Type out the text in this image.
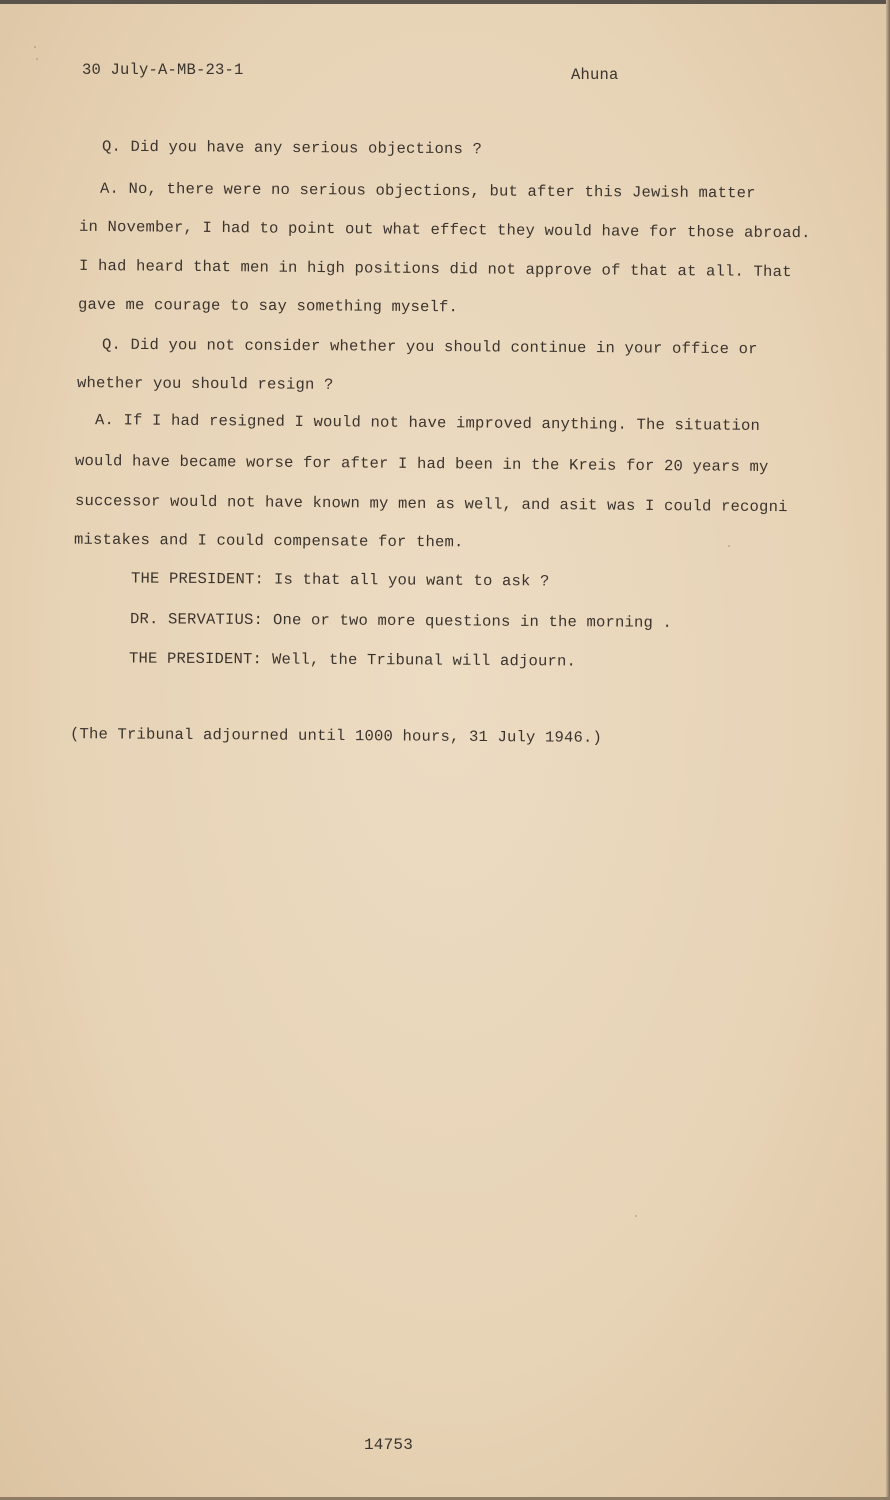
30 July-A-MB-23-1	Ahuna
Q. Did you have any serious objections ?
A. No, there were no serious objections, but after this Jewish matter
in November, I had to point out what effect they would have for those abroad.
I had heard that men in high positions did not approve of that at all. That
gave me courage to say something myself.
Q. Did you not consider whether you should continue in your office or
whether you should resign ?
A. If I had resigned I would not have improved anything. The situation
would have became worse for after I had been in the Kreis for 20 years my
successor would not have known my men as well, and asit was I could recogni
mistakes and I could compensate for them.
THE PRESIDENT: Is that all you want to ask ?
DR. SERVATIUS: One or two more questions in the morning .
THE PRESIDENT: Well, the Tribunal will adjourn.
(The Tribunal adjourned until 1000 hours, 31 July 1946.)
14753
